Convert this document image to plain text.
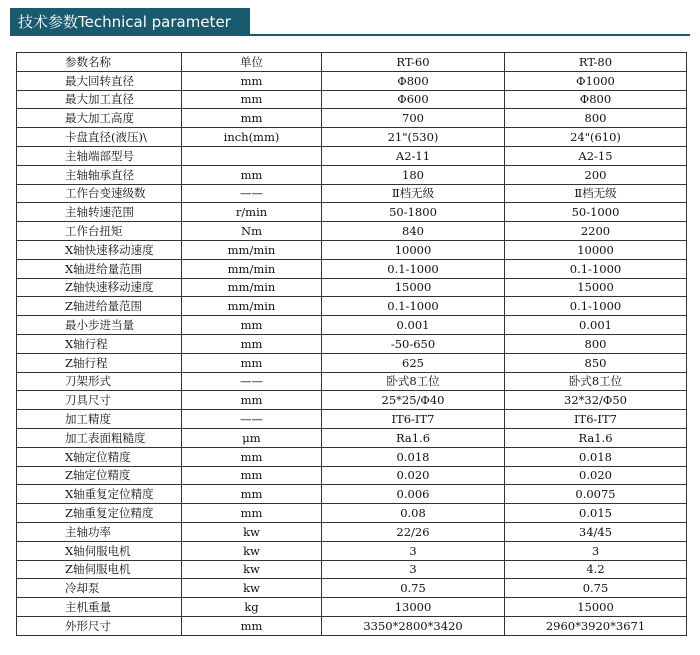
技术参数Technical parameter
参数名称	单位	RT-60	RT-80
最大回转直径	mm	Φ800	Φ1000
最大加工直径	mm	Φ600	Φ800
最大加工高度	mm	700	800
卡盘直径(液压)\	inch(mm)	21"(530)	24"(610)
主轴端部型号		A2-11	A2-15
主轴轴承直径	mm	180	200
工作台变速级数	——	Ⅱ档无级	Ⅱ档无级
主轴转速范围	r/min	50-1800	50-1000
工作台扭矩	Nm	840	2200
X轴快速移动速度	mm/min	10000	10000
X轴进给量范围	mm/min	0.1-1000	0.1-1000
Z轴快速移动速度	mm/min	15000	15000
Z轴进给量范围	mm/min	0.1-1000	0.1-1000
最小步进当量	mm	0.001	0.001
X轴行程	mm	-50-650	800
Z轴行程	mm	625	850
刀架形式	——	卧式8工位	卧式8工位
刀具尺寸	mm	25*25/Φ40	32*32/Φ50
加工精度	——	IT6-IT7	IT6-IT7
加工表面粗糙度	μm	Ra1.6	Ra1.6
X轴定位精度	mm	0.018	0.018
Z轴定位精度	mm	0.020	0.020
X轴重复定位精度	mm	0.006	0.0075
Z轴重复定位精度	mm	0.08	0.015
主轴功率	kw	22/26	34/45
X轴伺服电机	kw	3	3
Z轴伺服电机	kw	3	4.2
冷却泵	kw	0.75	0.75
主机重量	kg	13000	15000
外形尺寸	mm	3350*2800*3420	2960*3920*3671
